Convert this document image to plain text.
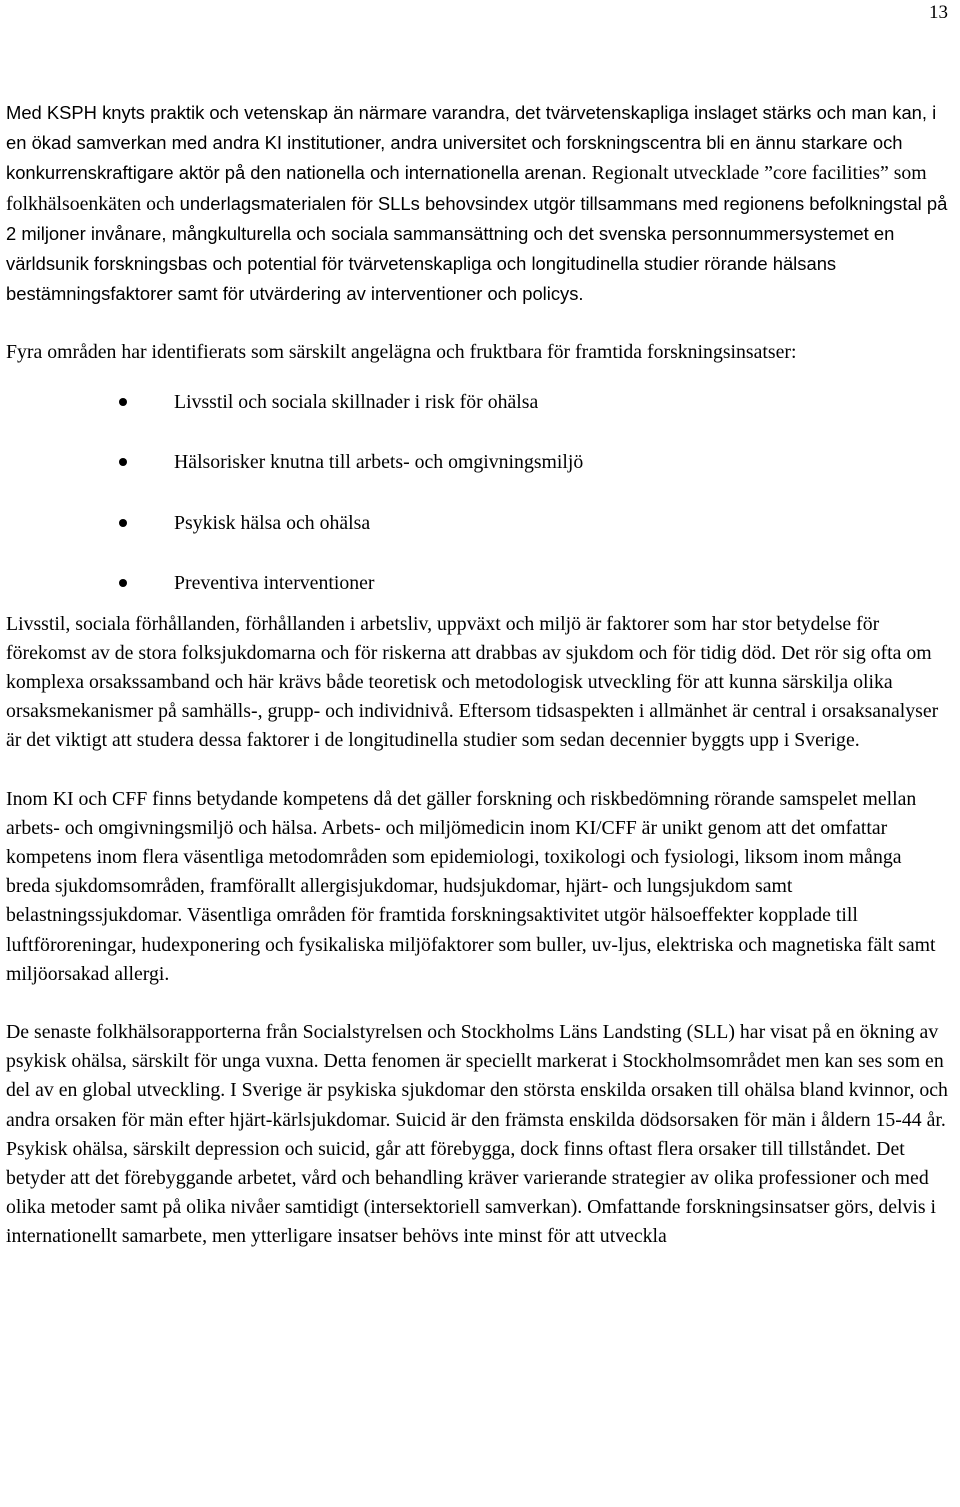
13

Med KSPH knyts praktik och vetenskap än närmare varandra, det tvärvetenskapliga inslaget stärks och man kan, i en ökad samverkan med andra KI institutioner, andra universitet och forskningscentra bli en ännu starkare och konkurrenskraftigare aktör på den nationella och internationella arenan. Regionalt utvecklade ”core facilities” som folkhälsoenkäten och underlagsmaterialen för SLLs behovsindex utgör tillsammans med regionens befolkningstal på 2 miljoner invånare, mångkulturella och sociala sammansättning och det svenska personnummersystemet en världsunik forskningsbas och potential för tvärvetenskapliga och longitudinella studier rörande hälsans bestämningsfaktorer samt för utvärdering av interventioner och policys.

Fyra områden har identifierats som särskilt angelägna och fruktbara för framtida forskningsinsatser:

Livsstil och sociala skillnader i risk för ohälsa
Hälsorisker knutna till arbets- och omgivningsmiljö
Psykisk hälsa och ohälsa
Preventiva interventioner

Livsstil, sociala förhållanden, förhållanden i arbetsliv, uppväxt och miljö är faktorer som har stor betydelse för förekomst av de stora folksjukdomarna och för riskerna att drabbas av sjukdom och för tidig död. Det rör sig ofta om komplexa orsakssamband och här krävs både teoretisk och metodologisk utveckling för att kunna särskilja olika orsaksmekanismer på samhälls-, grupp- och individnivå. Eftersom tidsaspekten i allmänhet är central i orsaksanalyser är det viktigt att studera dessa faktorer i de longitudinella studier som sedan decennier byggts upp i Sverige.

Inom KI och CFF finns betydande kompetens då det gäller forskning och riskbedömning rörande samspelet mellan arbets- och omgivningsmiljö och hälsa. Arbets- och miljömedicin inom KI/CFF är unikt genom att det omfattar kompetens inom flera väsentliga metodområden som epidemiologi, toxikologi och fysiologi, liksom inom många breda sjukdomsområden, framförallt allergisjukdomar, hudsjukdomar, hjärt- och lungsjukdom samt belastningssjukdomar. Väsentliga områden för framtida forskningsaktivitet utgör hälsoeffekter kopplade till luftföroreningar, hudexponering och fysikaliska miljöfaktorer som buller, uv-ljus, elektriska och magnetiska fält samt miljöorsakad allergi.

De senaste folkhälsorapporterna från Socialstyrelsen och Stockholms Läns Landsting (SLL) har visat på en ökning av psykisk ohälsa, särskilt för unga vuxna. Detta fenomen är speciellt markerat i Stockholmsområdet men kan ses som en del av en global utveckling. I Sverige är psykiska sjukdomar den största enskilda orsaken till ohälsa bland kvinnor, och andra orsaken för män efter hjärt-kärlsjukdomar. Suicid är den främsta enskilda dödsorsaken för män i åldern 15-44 år. Psykisk ohälsa, särskilt depression och suicid, går att förebygga, dock finns oftast flera orsaker till tillståndet. Det betyder att det förebyggande arbetet, vård och behandling kräver varierande strategier av olika professioner och med olika metoder samt på olika nivåer samtidigt (intersektoriell samverkan). Omfattande forskningsinsatser görs, delvis i internationellt samarbete, men ytterligare insatser behövs inte minst för att utveckla
